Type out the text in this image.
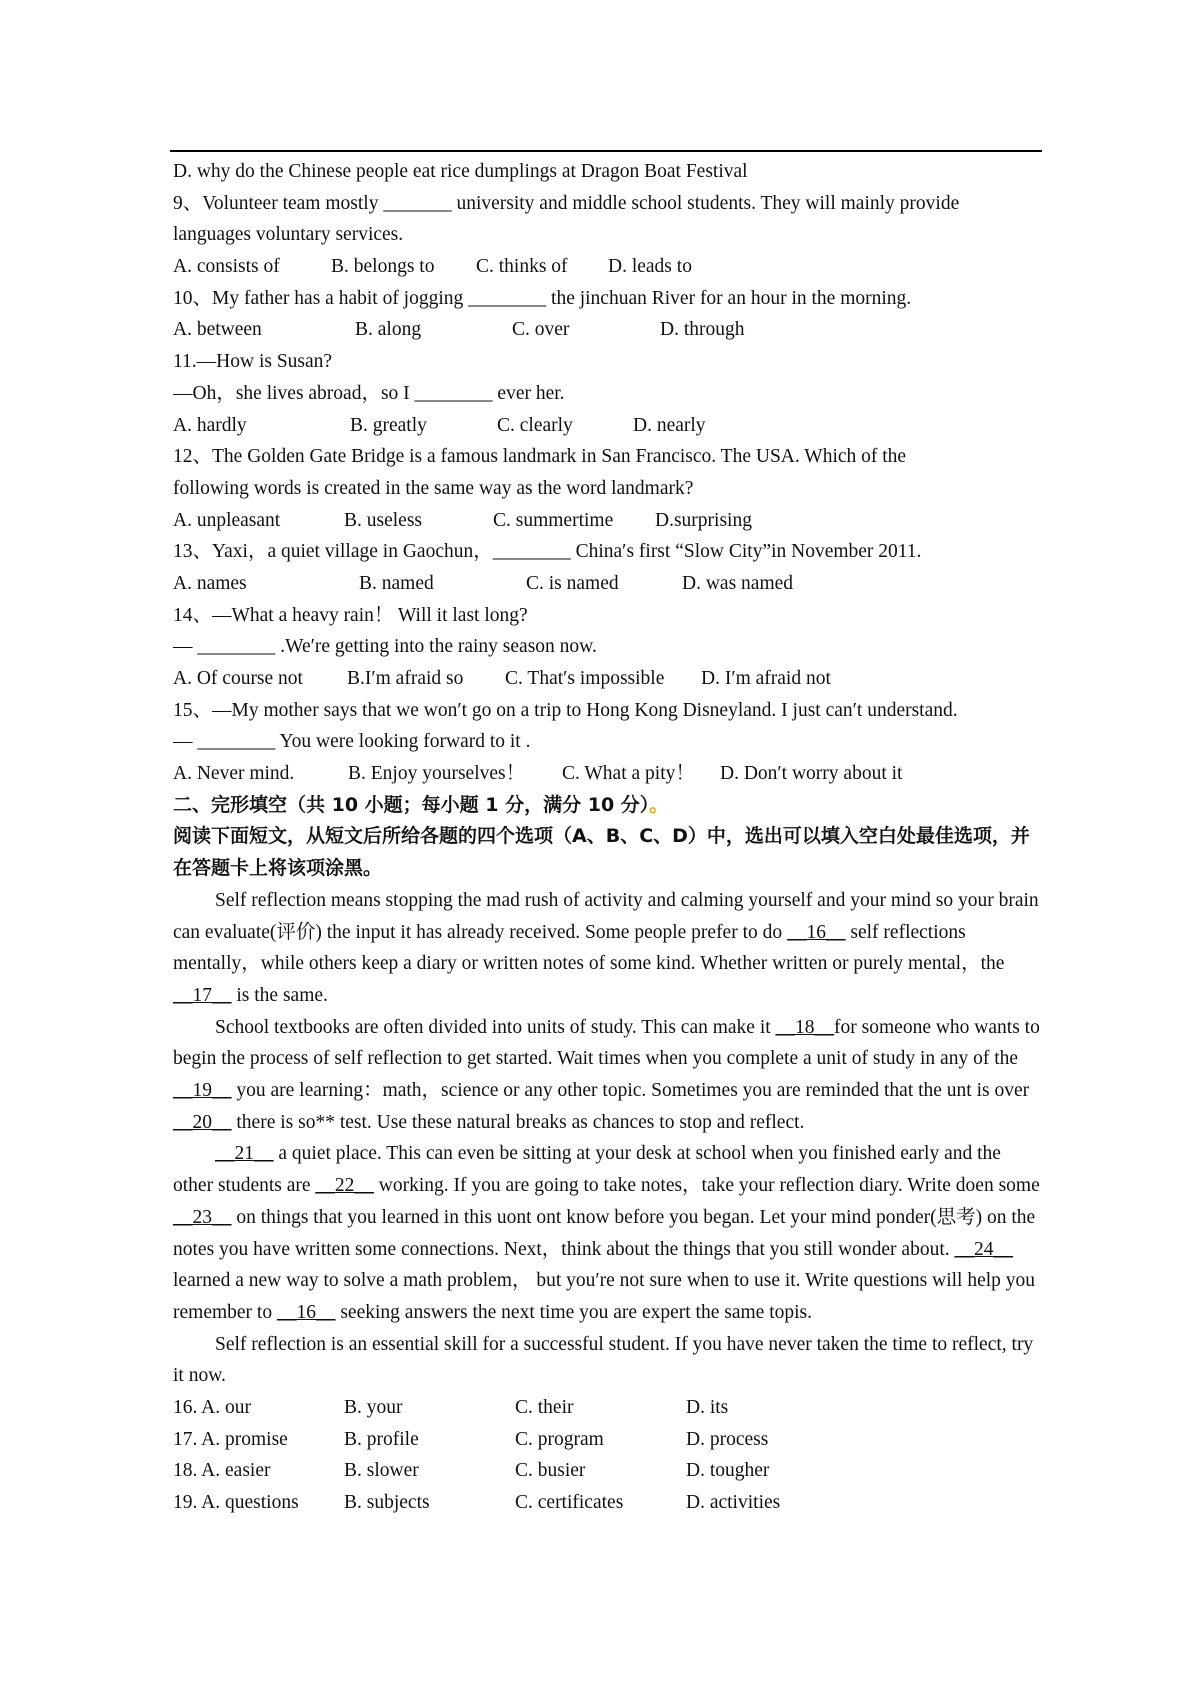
D. why do the Chinese people eat rice dumplings at Dragon Boat Festival
9、Volunteer team mostly _______ university and middle school students. They will mainly provide
languages voluntary services.
A. consists of	B. belongs to	C. thinks of	D. leads to
10、My father has a habit of jogging ________ the jinchuan River for an hour in the morning.
A. between	B. along	C. over	D. through
11.—How is Susan?
—Oh，she lives abroad，so I ________ ever her.
A. hardly	B. greatly	C. clearly	D. nearly
12、The Golden Gate Bridge is a famous landmark in San Francisco. The USA. Which of the
following words is created in the same way as the word landmark?
A. unpleasant	B. useless	C. summertime	D.surprising
13、Yaxi，a quiet village in Gaochun，________ China′s first “Slow City”in November 2011.
A. names	B. named	C. is named	D. was named
14、—What a heavy rain！ Will it last long?
— ________ .We′re getting into the rainy season now.
A. Of course not	B.I′m afraid so	C. That′s impossible	D. I′m afraid not
15、—My mother says that we won′t go on a trip to Hong Kong Disneyland. I just can′t understand.
— ________ You were looking forward to it .
A. Never mind.	B. Enjoy yourselves！	C. What a pity！	D. Don′t worry about it
二、完形填空（共 10 小题；每小题 1 分，满分 10 分）。
阅读下面短文，从短文后所给各题的四个选项（A、B、C、D）中，选出可以填入空白处最佳选项，并在答题卡上将该项涂黑。
Self reflection means stopping the mad rush of activity and calming yourself and your mind so your brain can evaluate(评价) the input it has already received. Some people prefer to do __16__ self reflections mentally，while others keep a diary or written notes of some kind. Whether written or purely mental，the __17__ is the same.
School textbooks are often divided into units of study. This can make it __18__for someone who wants to begin the process of self reflection to get started. Wait times when you complete a unit of study in any of the __19__ you are learning：math，science or any other topic. Sometimes you are reminded that the unt is over __20__ there is so** test. Use these natural breaks as chances to stop and reflect.
__21__ a quiet place. This can even be sitting at your desk at school when you finished early and the other students are __22__ working. If you are going to take notes，take your reflection diary. Write doen some __23__ on things that you learned in this uont ont know before you began. Let your mind ponder(思考) on the notes you have written some connections. Next，think about the things that you still wonder about. __24__ learned a new way to solve a math problem， but you′re not sure when to use it. Write questions will help you remember to __16__ seeking answers the next time you are expert the same topis.
Self reflection is an essential skill for a successful student. If you have never taken the time to reflect, try it now.
16. A. our	B. your	C. their	D. its
17. A. promise	B. profile	C. program	D. process
18. A. easier	B. slower	C. busier	D. tougher
19. A. questions	B. subjects	C. certificates	D. activities
